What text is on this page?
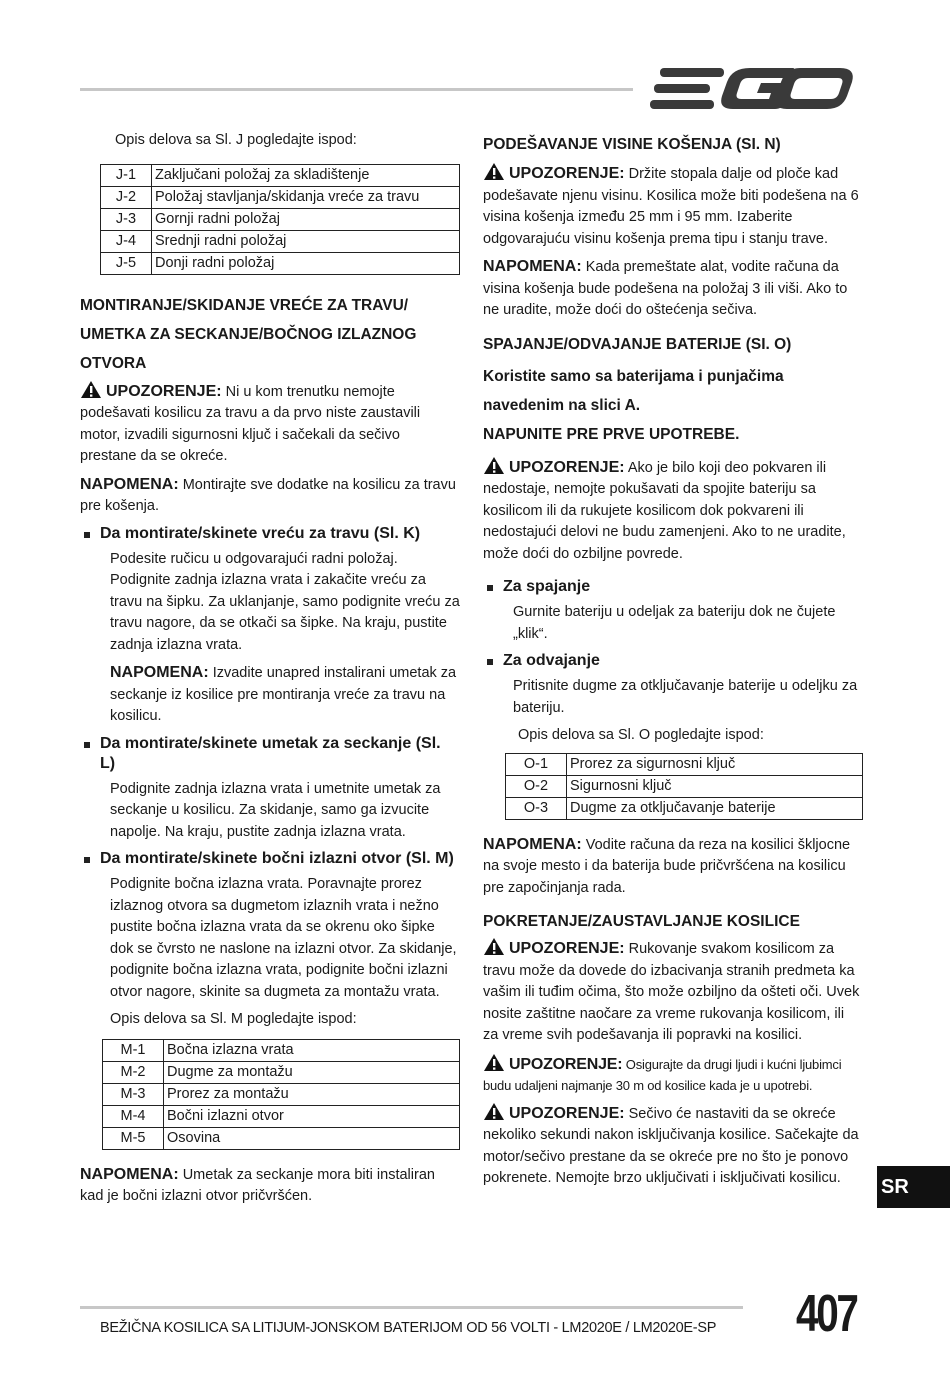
Opis delova sa Sl. J pogledajte ispod:

J-1	Zaključani položaj za skladištenje
J-2	Položaj stavljanja/skidanja vreće za travu
J-3	Gornji radni položaj
J-4	Srednji radni položaj
J-5	Donji radni položaj
MONTIRANJE/SKIDANJE VREĆE ZA TRAVU/
UMETKA ZA SECKANJE/BOČNOG IZLAZNOG
OTVORA

UPOZORENJE: Ni u kom trenutku nemojte podešavati kosilicu za travu a da prvo niste zaustavili motor, izvadili sigurnosni ključ i sačekali da sečivo prestane da se okreće.

NAPOMENA: Montirajte sve dodatke na kosilicu za travu pre košenja.

Da montirate/skinete vreću za travu (Sl. K)

Podesite ručicu u odgovarajući radni položaj. Podignite zadnja izlazna vrata i zakačite vreću za travu na šipku. Za uklanjanje, samo podignite vreću za travu nagore, da se otkači sa šipke. Na kraju, pustite zadnja izlazna vrata.

NAPOMENA: Izvadite unapred instalirani umetak za seckanje iz kosilice pre montiranja vreće za travu na kosilicu.

Da montirate/skinete umetak za seckanje (Sl. L)

Podignite zadnja izlazna vrata i umetnite umetak za seckanje u kosilicu. Za skidanje, samo ga izvucite napolje. Na kraju, pustite zadnja izlazna vrata.

Da montirate/skinete bočni izlazni otvor (Sl. M)

Podignite bočna izlazna vrata. Poravnajte prorez izlaznog otvora sa dugmetom izlaznih vrata i nežno pustite bočna izlazna vrata da se okrenu oko šipke dok se čvrsto ne naslone na izlazni otvor. Za skidanje, podignite bočna izlazna vrata, podignite bočni izlazni otvor nagore, skinite sa dugmeta za montažu vrata.

Opis delova sa Sl. M pogledajte ispod:

M-1	Bočna izlazna vrata
M-2	Dugme za montažu
M-3	Prorez za montažu
M-4	Bočni izlazni otvor
M-5	Osovina

NAPOMENA: Umetak za seckanje mora biti instaliran kad je bočni izlazni otvor pričvršćen.

PODEŠAVANJE VISINE KOŠENJA (SI. N)

UPOZORENJE: Držite stopala dalje od ploče kad podešavate njenu visinu. Kosilica može biti podešena na 6 visina košenja između 25 mm i 95 mm. Izaberite odgovarajuću visinu košenja prema tipu i stanju trave.

NAPOMENA: Kada premeštate alat, vodite računa da visina košenja bude podešena na položaj 3 ili viši. Ako to ne uradite, može doći do oštećenja sečiva.

SPAJANJE/ODVAJANJE BATERIJE (SI. O)
Koristite samo sa baterijama i punjačima
navedenim na slici A.
NAPUNITE PRE PRVE UPOTREBE.

UPOZORENJE: Ako je bilo koji deo pokvaren ili nedostaje, nemojte pokušavati da spojite bateriju sa kosilicom ili da rukujete kosilicom dok pokvareni ili nedostajući delovi ne budu zamenjeni. Ako to ne uradite, može doći do ozbiljne povrede.

Za spajanje

Gurnite bateriju u odeljak za bateriju dok ne čujete „klik“.

Za odvajanje

Pritisnite dugme za otključavanje baterije u odeljku za bateriju.

Opis delova sa Sl. O pogledajte ispod:

O-1	Prorez za sigurnosni ključ
O-2	Sigurnosni ključ
O-3	Dugme za otključavanje baterije

NAPOMENA: Vodite računa da reza na kosilici škljocne na svoje mesto i da baterija bude pričvršćena na kosilicu pre započinjanja rada.

POKRETANJE/ZAUSTAVLJANJE KOSILICE

UPOZORENJE: Rukovanje svakom kosilicom za travu može da dovede do izbacivanja stranih predmeta ka vašim ili tuđim očima, što može ozbiljno da ošteti oči. Uvek nosite zaštitne naočare za vreme rukovanja kosilicom, ili za vreme svih podešavanja ili popravki na kosilici.

UPOZORENJE: Osigurajte da drugi ljudi i kućni ljubimci budu udaljeni najmanje 30 m od kosilice kada je u upotrebi.

UPOZORENJE: Sečivo će nastaviti da se okreće nekoliko sekundi nakon isključivanja kosilice. Sačekajte da motor/sečivo prestane da se okreće pre no što je ponovo pokrenete. Nemojte brzo uključivati i isključivati kosilicu.	SR
BEŽIČNA KOSILICA SA LITIJUM-JONSKOM BATERIJOM OD 56 VOLTI - LM2020E / LM2020E-SP	407
